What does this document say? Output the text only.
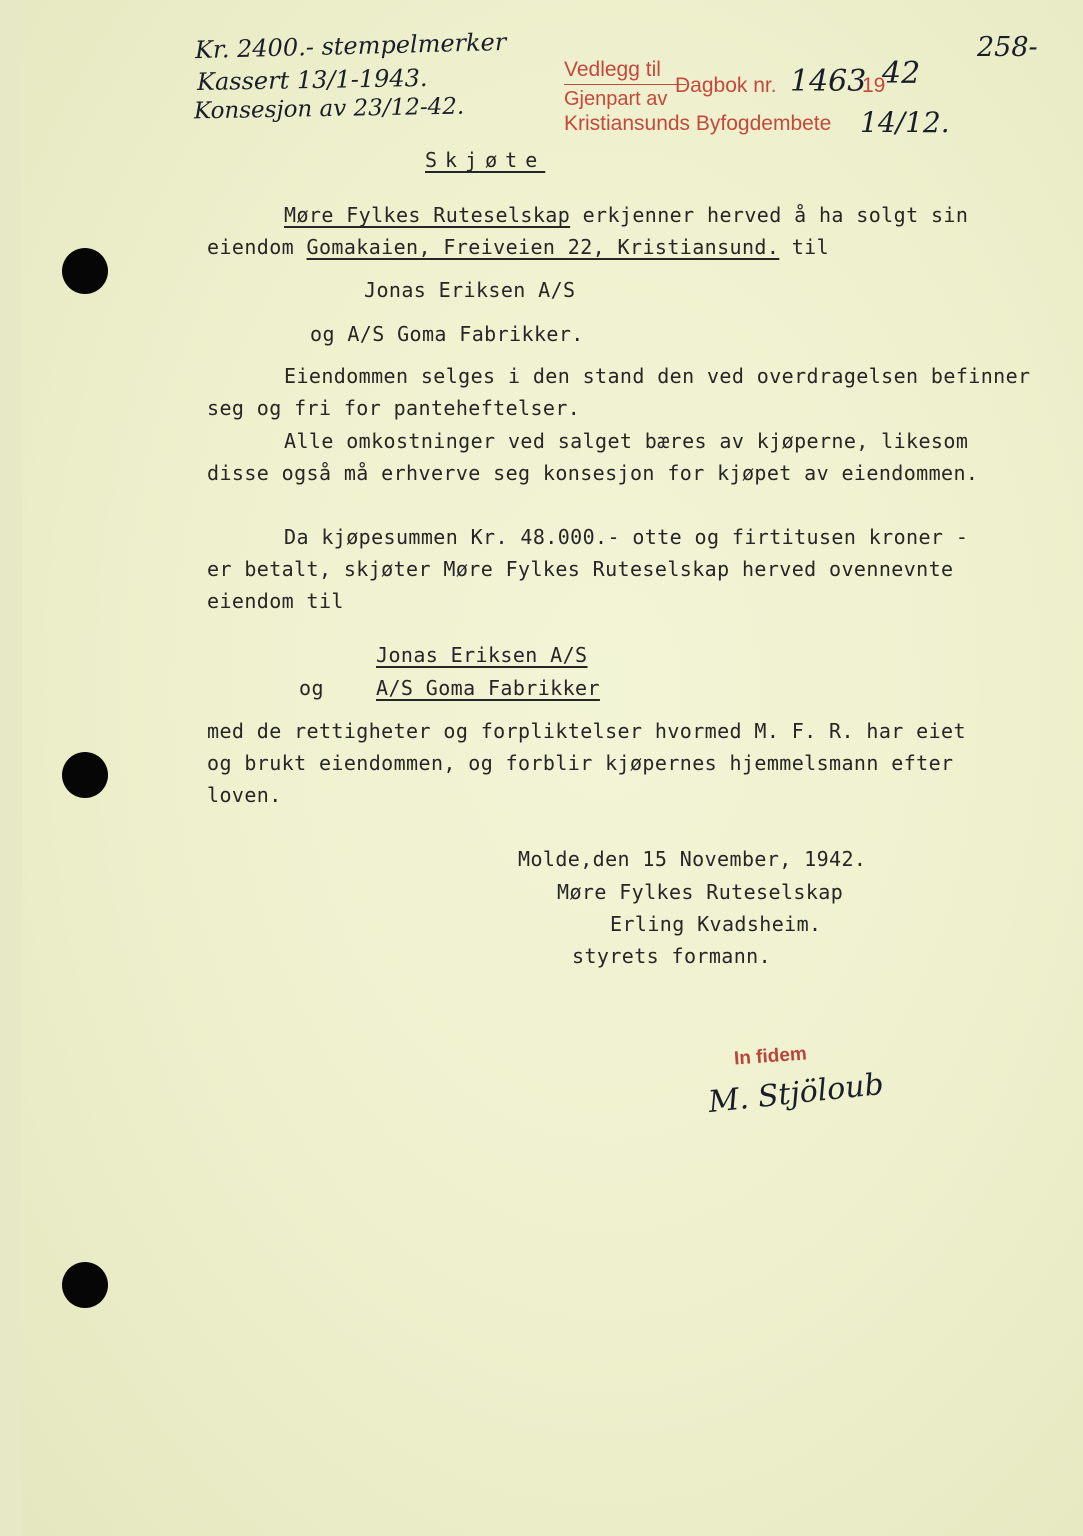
Kr. 2400.- stempelmerker
Kassert 13/1-1943.
Konsesjon av 23/12-42.
258-
Vedlegg til
Dagbok nr. 1463
19
42
Gjenpart av
Kristiansunds Byfogdembete 14/12.
Skjøte
Møre Fylkes Ruteselskap erkjenner herved å ha solgt sin
eiendom Gomakaien, Freiveien 22, Kristiansund. til
Jonas Eriksen A/S
og A/S Goma Fabrikker.
Eiendommen selges i den stand den ved overdragelsen befinner
seg og fri for panteheftelser.
Alle omkostninger ved salget bæres av kjøperne, likesom
disse også må erhverve seg konsesjon for kjøpet av eiendommen.
Da kjøpesummen Kr. 48.000.- otte og firtitusen kroner -
er betalt, skjøter Møre Fylkes Ruteselskap herved ovennevnte
eiendom til
Jonas Eriksen A/S
og	A/S Goma Fabrikker
med de rettigheter og forpliktelser hvormed M. F. R. har eiet
og brukt eiendommen, og forblir kjøpernes hjemmelsmann efter
loven.
Molde,den 15 November, 1942.
Møre Fylkes Ruteselskap
Erling Kvadsheim.
styrets formann.
In fidem
M. Stjöloub
